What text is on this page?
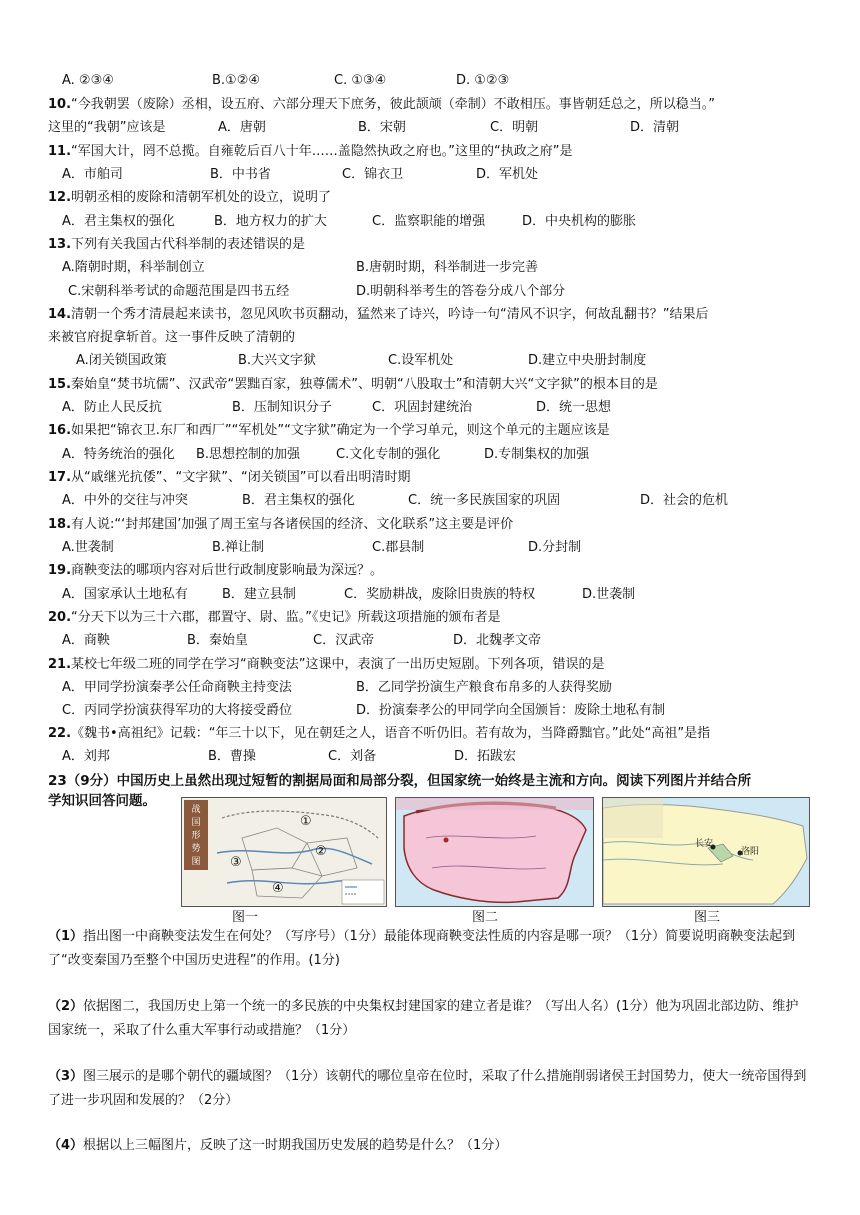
A. ②③④	B.①②④	C. ①③④	D. ①②③
10.“今我朝罢（废除）丞相，设五府、六部分理天下庶务，彼此颉颃（牵制）不敢相压。事皆朝廷总之，所以稳当。”
这里的“我朝”应该是	A．唐朝	B．宋朝	C．明朝	D．清朝
11.“军国大计，罔不总揽。自雍乾后百八十年……盖隐然执政之府也。”这里的“执政之府”是
A．市舶司	B．中书省	C．锦衣卫	D．军机处
12.明朝丞相的废除和清朝军机处的设立，说明了
A．君主集权的强化	B．地方权力的扩大	C．监察职能的增强	D．中央机构的膨胀
13.下列有关我国古代科举制的表述错误的是
A.隋朝时期，科举制创立	B.唐朝时期，科举制进一步完善
C.宋朝科举考试的命题范围是四书五经	D.明朝科举考生的答卷分成八个部分
14.清朝一个秀才清晨起来读书，忽见风吹书页翻动，猛然来了诗兴，吟诗一句“清风不识字，何故乱翻书？”结果后
来被官府捉拿斩首。这一事件反映了清朝的
A.闭关锁国政策	B.大兴文字狱	C.设军机处	D.建立中央册封制度
15.秦始皇“焚书坑儒”、汉武帝“罢黜百家，独尊儒术”、明朝“八股取士”和清朝大兴“文字狱”的根本目的是
A．防止人民反抗	B．压制知识分子	C．巩固封建统治	D．统一思想
16.如果把“锦衣卫.东厂和西厂”“军机处”“文字狱”确定为一个学习单元，则这个单元的主题应该是
A．特务统治的强化 B.思想控制的加强	C.文化专制的强化	D.专制集权的加强
17.从“戚继光抗倭”、“文字狱”、“闭关锁国”可以看出明清时期
A．中外的交往与冲突	B．君主集权的强化	C．统一多民族国家的巩固	D．社会的危机
18.有人说:“‘封邦建国’加强了周王室与各诸侯国的经济、文化联系”这主要是评价
A.世袭制	B.禅让制	C.郡县制	D.分封制
19.商鞅变法的哪项内容对后世行政制度影响最为深远？。
A．国家承认土地私有	B．建立县制	C．奖励耕战，废除旧贵族的特权	D.世袭制
20.“分天下以为三十六郡，郡置守、尉、监。”《史记》所载这项措施的颁布者是
A．商鞅	B．秦始皇	C．汉武帝	D．北魏孝文帝
21.某校七年级二班的同学在学习“商鞅变法”这课中，表演了一出历史短剧。下列各项，错误的是
A．甲同学扮演秦孝公任命商鞅主持变法	B．乙同学扮演生产粮食布帛多的人获得奖励
C．丙同学扮演获得军功的大将接受爵位	D．扮演秦孝公的甲同学向全国颁旨：废除土地私有制
22.《魏书•高祖纪》记载：“年三十以下，见在朝廷之人，语音不听仍旧。若有故为，当降爵黜官。”此处“高祖”是指
A．刘邦	B．曹操	C．刘备	D．拓跋宏
23（9分）中国历史上虽然出现过短暂的割据局面和局部分裂，但国家统一始终是主流和方向。阅读下列图片并结合所
学知识回答问题。
战
国
形
势
图
①
②
③
④
图一	图二
长安
洛阳
图三
（1）指出图一中商鞅变法发生在何处？（写序号）（1分）最能体现商鞅变法性质的内容是哪一项？（1分）简要说明商鞅变法起到了“改变秦国乃至整个中国历史进程”的作用。(1分)
（2）依据图二，我国历史上第一个统一的多民族的中央集权封建国家的建立者是谁？（写出人名）(1分）他为巩固北部边防、维护国家统一，采取了什么重大军事行动或措施？（1分）
（3）图三展示的是哪个朝代的疆域图？（1分）该朝代的哪位皇帝在位时，采取了什么措施削弱诸侯王封国势力，使大一统帝国得到了进一步巩固和发展的？（2分）
（4）根据以上三幅图片，反映了这一时期我国历史发展的趋势是什么？（1分）
